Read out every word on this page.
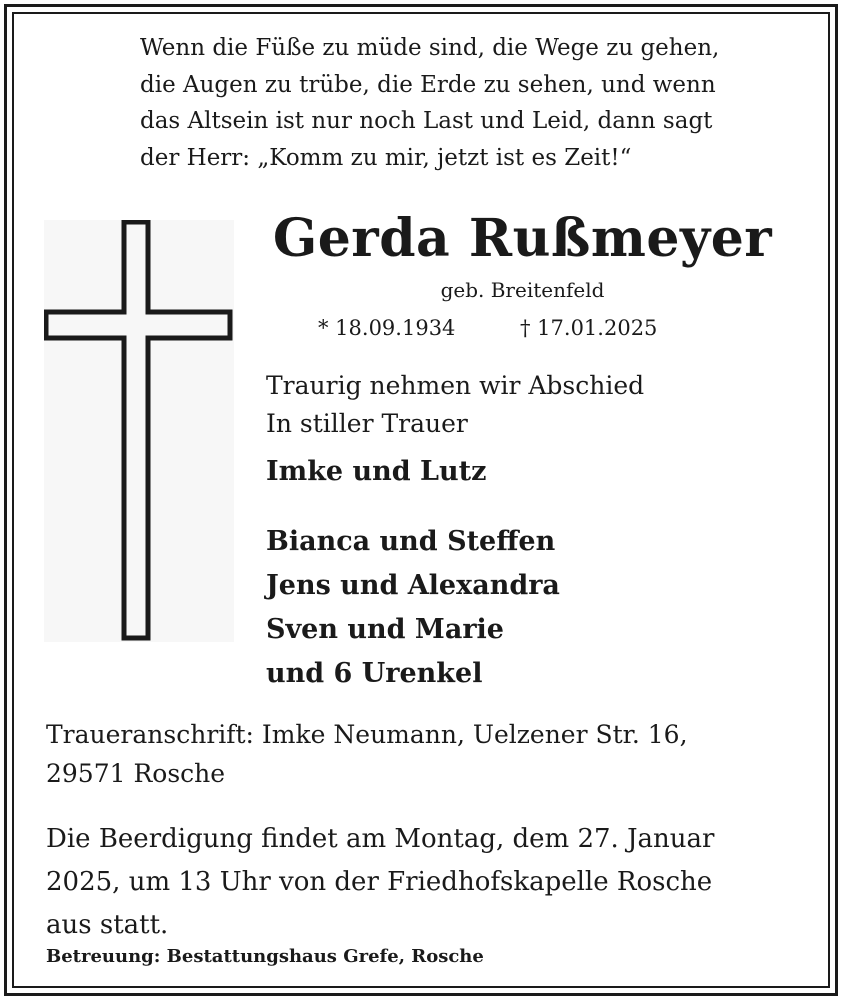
Wenn die Füße zu müde sind, die Wege zu gehen,
die Augen zu trübe, die Erde zu sehen, und wenn
das Altsein ist nur noch Last und Leid, dann sagt
der Herr: „Komm zu mir, jetzt ist es Zeit!“

Gerda Rußmeyer
geb. Breitenfeld
* 18.09.1934	† 17.01.2025
Traurig nehmen wir Abschied
In stiller Trauer
Imke und Lutz
Bianca und Steffen
Jens und Alexandra
Sven und Marie
und 6 Urenkel
Traueranschrift: Imke Neumann, Uelzener Str. 16,
29571 Rosche
Die Beerdigung findet am Montag, dem 27. Januar
2025, um 13 Uhr von der Friedhofskapelle Rosche
aus statt.
Betreuung: Bestattungshaus Grefe, Rosche
